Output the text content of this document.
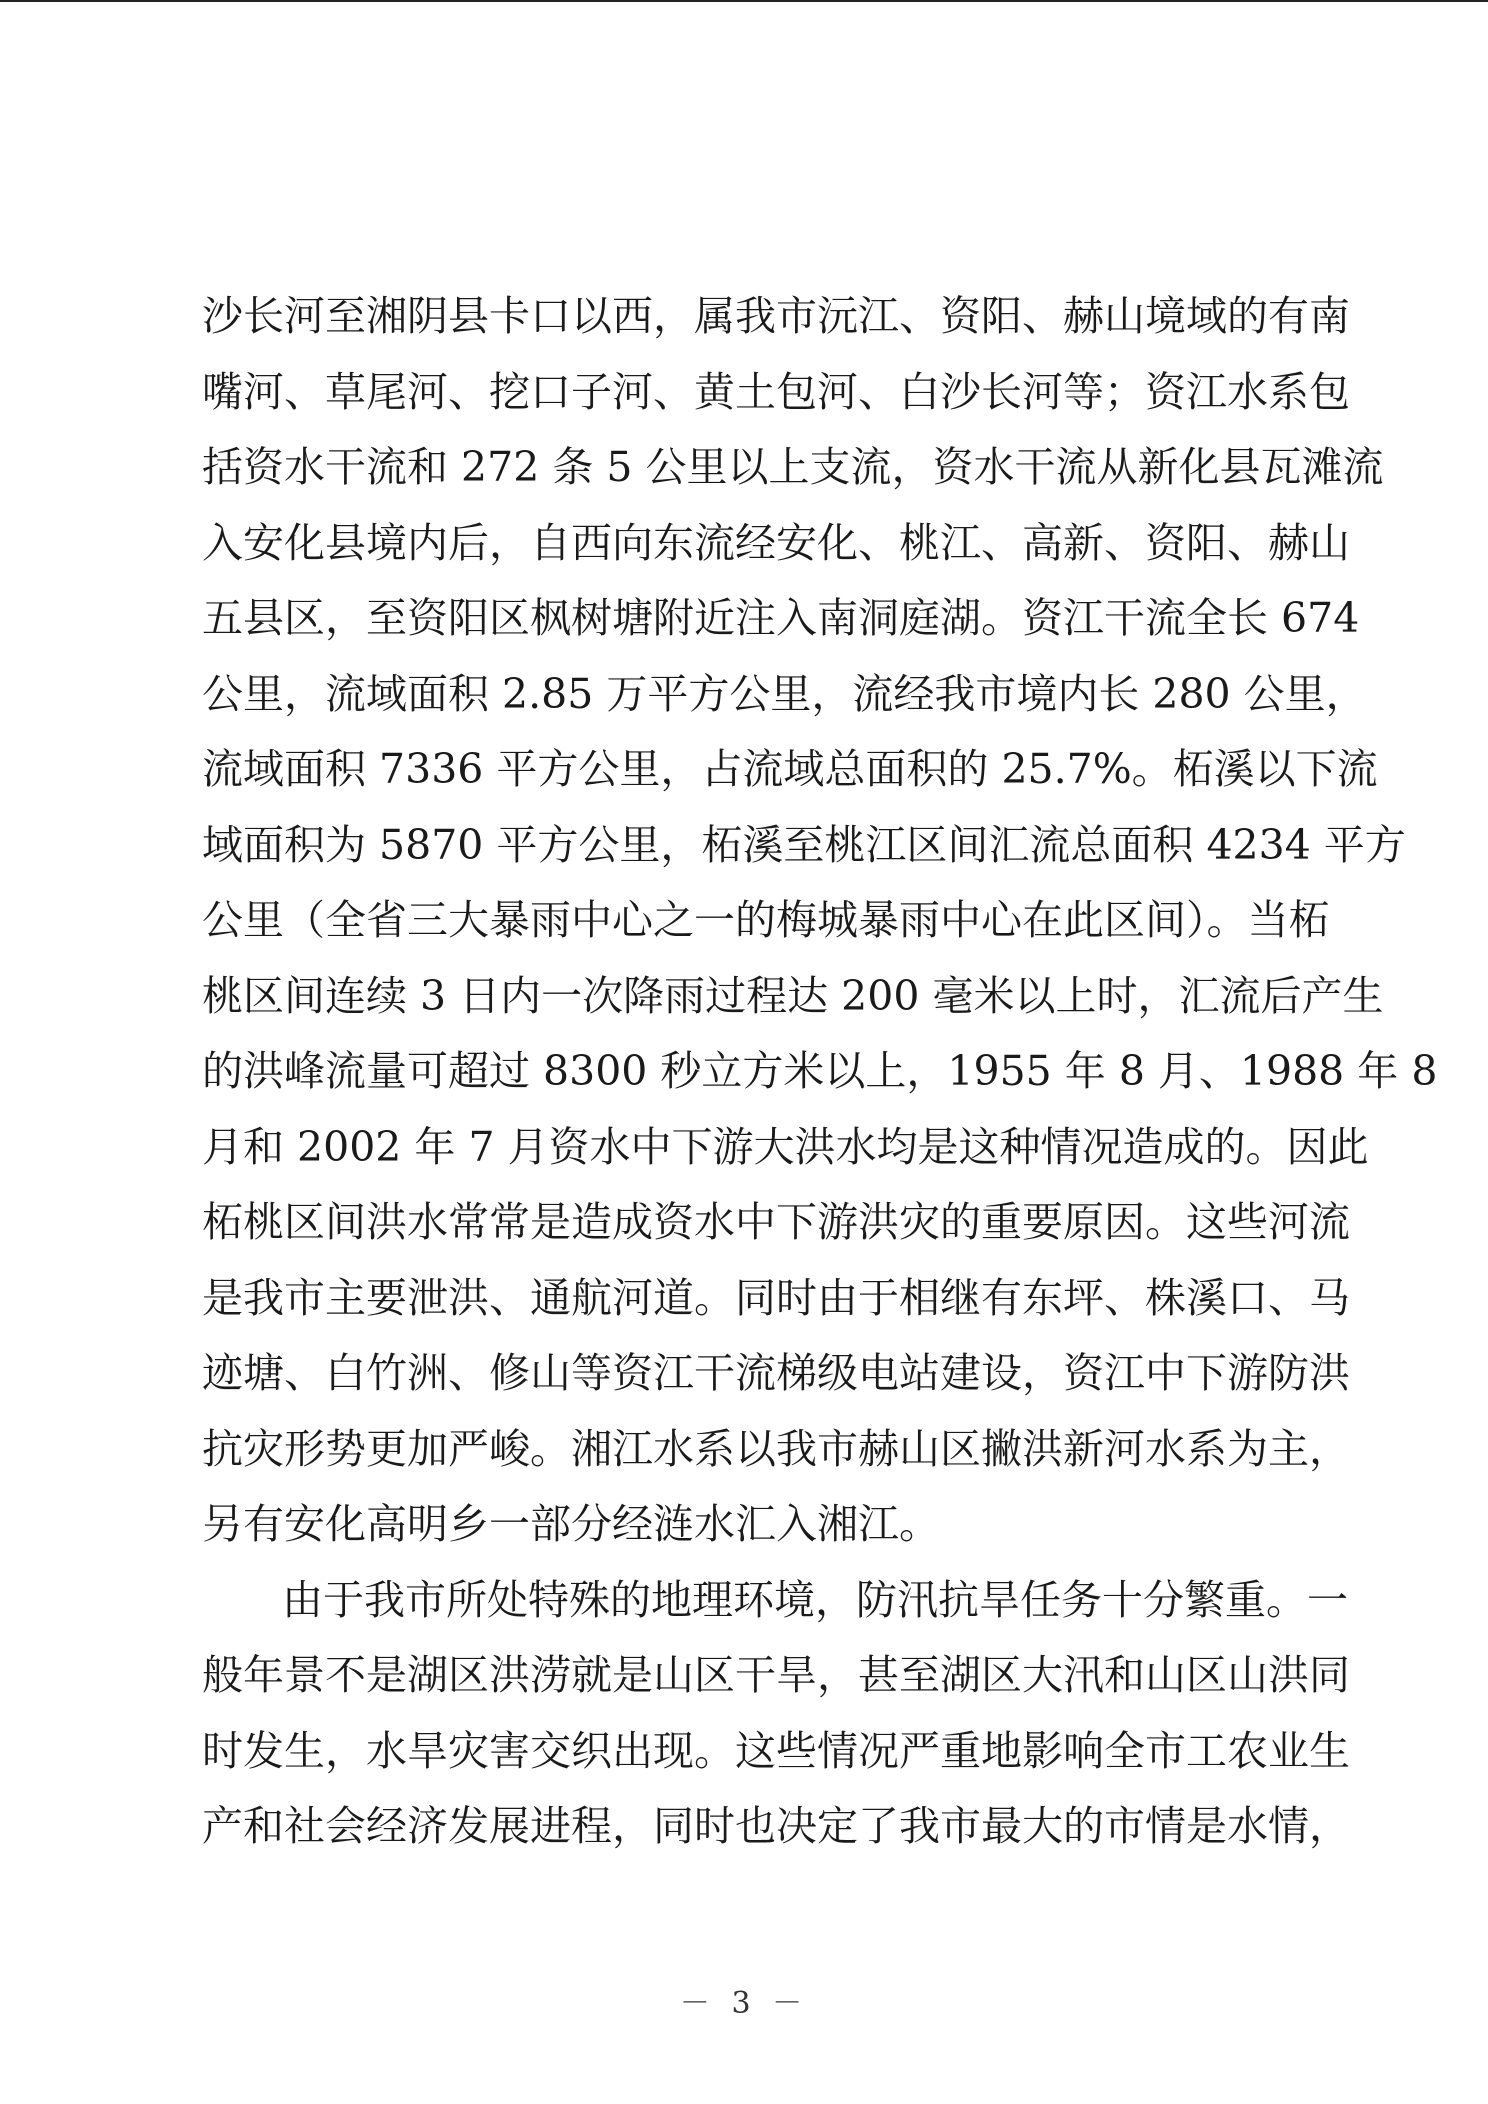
沙长河至湘阴县卡口以西，属我市沅江、资阳、赫山境域的有南
嘴河、草尾河、挖口子河、黄土包河、白沙长河等；资江水系包
括资水干流和 272 条 5 公里以上支流，资水干流从新化县瓦滩流
入安化县境内后，自西向东流经安化、桃江、高新、资阳、赫山
五县区，至资阳区枫树塘附近注入南洞庭湖。资江干流全长 674
公里，流域面积 2.85 万平方公里，流经我市境内长 280 公里，
流域面积 7336 平方公里，占流域总面积的 25.7%。柘溪以下流
域面积为 5870 平方公里，柘溪至桃江区间汇流总面积 4234 平方
公里（全省三大暴雨中心之一的梅城暴雨中心在此区间）。当柘
桃区间连续 3 日内一次降雨过程达 200 毫米以上时，汇流后产生
的洪峰流量可超过 8300 秒立方米以上，1955 年 8 月、1988 年 8
月和 2002 年 7 月资水中下游大洪水均是这种情况造成的。因此
柘桃区间洪水常常是造成资水中下游洪灾的重要原因。这些河流
是我市主要泄洪、通航河道。同时由于相继有东坪、株溪口、马
迹塘、白竹洲、修山等资江干流梯级电站建设，资江中下游防洪
抗灾形势更加严峻。湘江水系以我市赫山区撇洪新河水系为主，
另有安化高明乡一部分经涟水汇入湘江。
由于我市所处特殊的地理环境，防汛抗旱任务十分繁重。一
般年景不是湖区洪涝就是山区干旱，甚至湖区大汛和山区山洪同
时发生，水旱灾害交织出现。这些情况严重地影响全市工农业生
产和社会经济发展进程，同时也决定了我市最大的市情是水情，
－ 3 －
